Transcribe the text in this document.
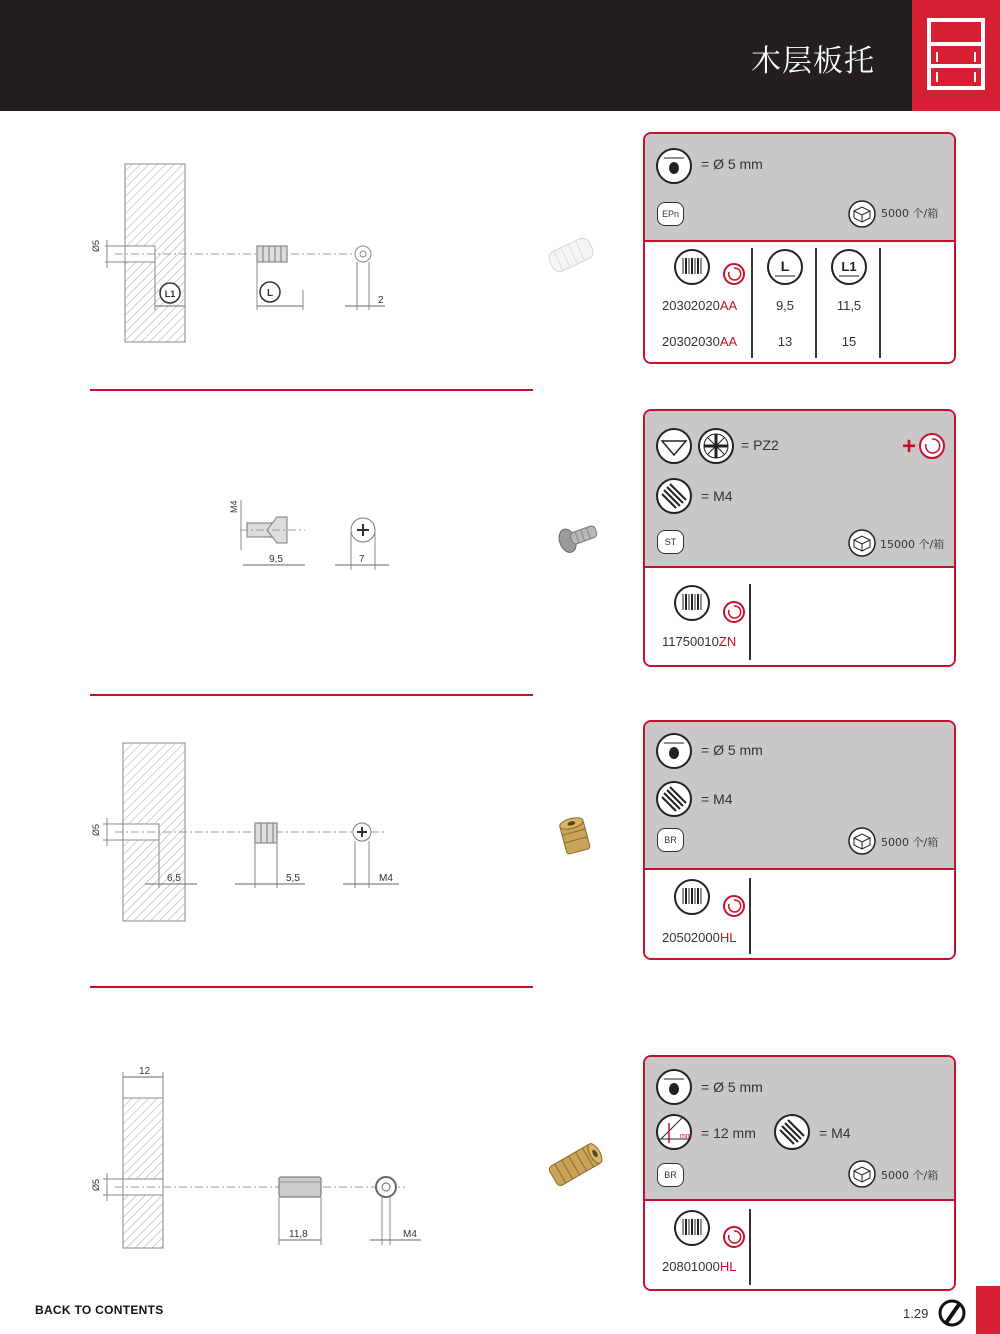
木层板托
Ø5
L1	L
2
= Ø 5 mm
EPn	5000 个/箱
L	L1
20302020AA	9,5	11,5
20302030AA	13	15
M4
9,5	7
= PZ2	+
= M4
ST	15000 个/箱
11750010ZN
Ø5
6,5	5,5	M4
= Ø 5 mm
= M4
BR	5000 个/箱
20502000HL
12
Ø5
11,8	M4
= Ø 5 mm
mm = 12 mm	= M4
BR	5000 个/箱
20801000HL
BACK TO CONTENTS	1.29
